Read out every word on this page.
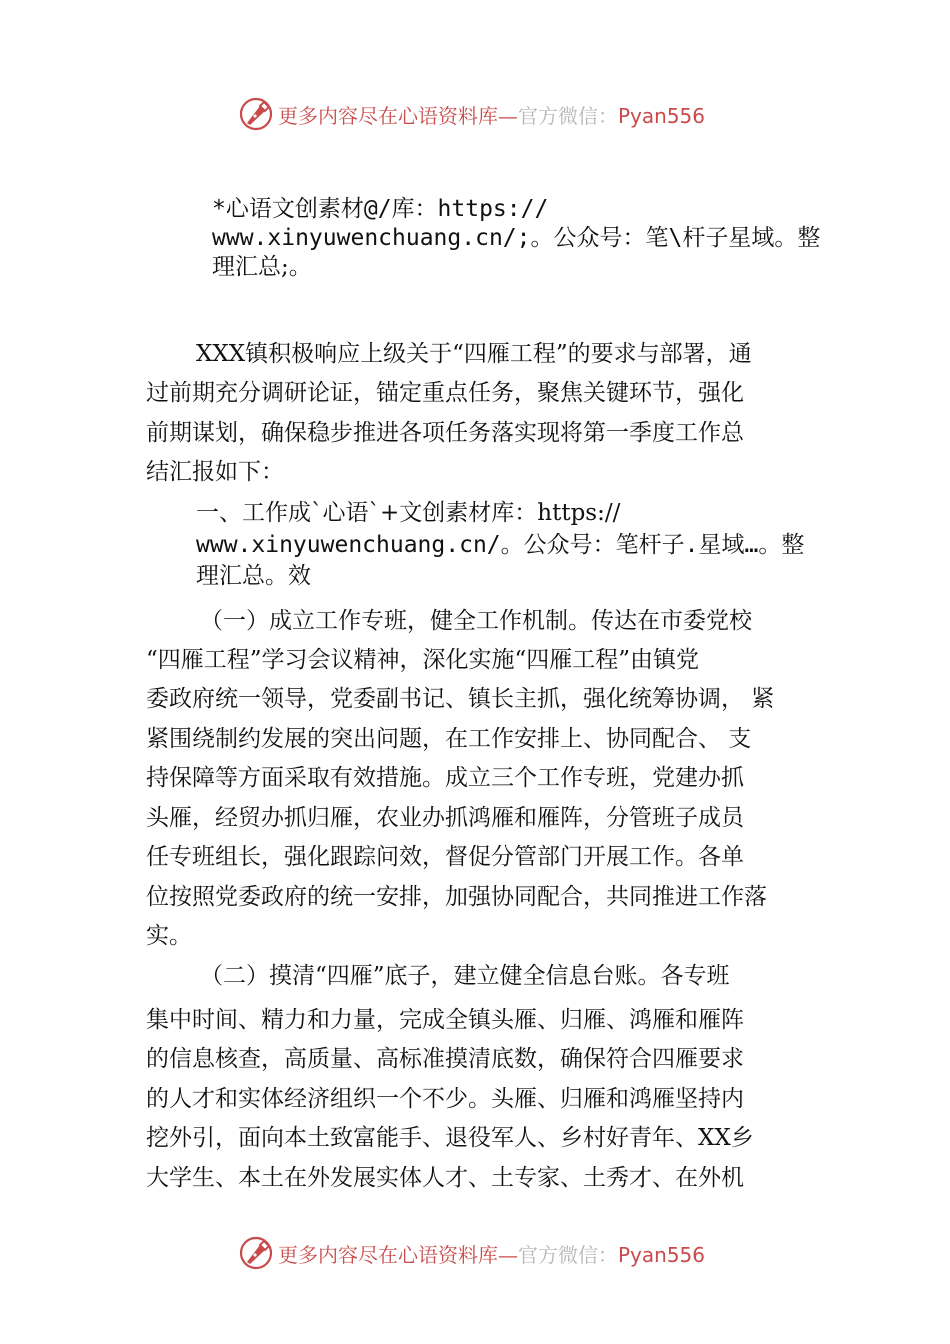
更多内容尽在心语资料库—官方微信：Pyan556
*心语文创素材@/库：https://
www.xinyuwenchuang.cn/;。公众号：笔\杆子星域。整
理汇总;。
XXX镇积极响应上级关于“四雁工程”的要求与部署，通
过前期充分调研论证，锚定重点任务，聚焦关键环节，强化
前期谋划，确保稳步推进各项任务落实现将第一季度工作总
结汇报如下：
一、工作成`心语`+文创素材库：https://
www.xinyuwenchuang.cn/。公众号：笔杆子.星域…。整
理汇总。效
（一）成立工作专班，健全工作机制。传达在市委党校
“四雁工程”学习会议精神，深化实施“四雁工程”由镇党
委政府统一领导，党委副书记、镇长主抓，强化统筹协调， 紧
紧围绕制约发展的突出问题，在工作安排上、协同配合、 支
持保障等方面采取有效措施。成立三个工作专班，党建办抓
头雁，经贸办抓归雁，农业办抓鸿雁和雁阵，分管班子成员
任专班组长，强化跟踪问效，督促分管部门开展工作。各单
位按照党委政府的统一安排，加强协同配合，共同推进工作落
实。
（二）摸清“四雁”底子，建立健全信息台账。各专班
集中时间、精力和力量，完成全镇头雁、归雁、鸿雁和雁阵
的信息核查，高质量、高标准摸清底数，确保符合四雁要求
的人才和实体经济组织一个不少。头雁、归雁和鸿雁坚持内
挖外引，面向本土致富能手、退役军人、乡村好青年、XX乡
大学生、本土在外发展实体人才、土专家、土秀才、在外机
更多内容尽在心语资料库—官方微信：Pyan556
